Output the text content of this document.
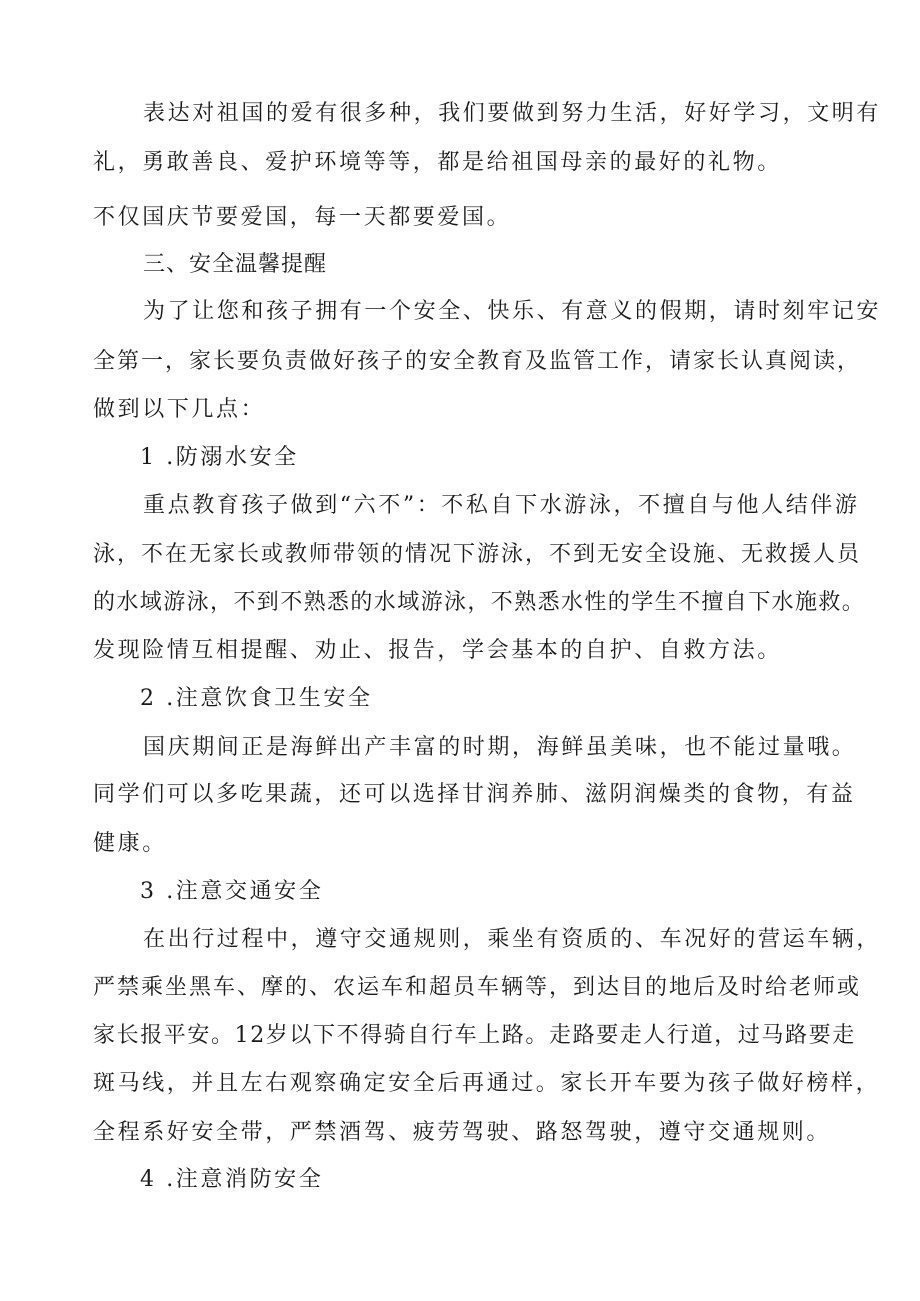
表达对祖国的爱有很多种，我们要做到努力生活，好好学习，文明有
礼，勇敢善良、爱护环境等等，都是给祖国母亲的最好的礼物。
不仅国庆节要爱国，每一天都要爱国。
三、安全温馨提醒
为了让您和孩子拥有一个安全、快乐、有意义的假期，请时刻牢记安
全第一，家长要负责做好孩子的安全教育及监管工作，请家长认真阅读，
做到以下几点：
1 .防溺水安全
重点教育孩子做到“六不”：不私自下水游泳，不擅自与他人结伴游
泳，不在无家长或教师带领的情况下游泳，不到无安全设施、无救援人员
的水域游泳，不到不熟悉的水域游泳，不熟悉水性的学生不擅自下水施救。
发现险情互相提醒、劝止、报告，学会基本的自护、自救方法。
2 .注意饮食卫生安全
国庆期间正是海鲜出产丰富的时期，海鲜虽美味，也不能过量哦。
同学们可以多吃果蔬，还可以选择甘润养肺、滋阴润燥类的食物，有益
健康。
3 .注意交通安全
在出行过程中，遵守交通规则，乘坐有资质的、车况好的营运车辆，
严禁乘坐黑车、摩的、农运车和超员车辆等，到达目的地后及时给老师或
家长报平安。12岁以下不得骑自行车上路。走路要走人行道，过马路要走
斑马线，并且左右观察确定安全后再通过。家长开车要为孩子做好榜样，
全程系好安全带，严禁酒驾、疲劳驾驶、路怒驾驶，遵守交通规则。
4 .注意消防安全
